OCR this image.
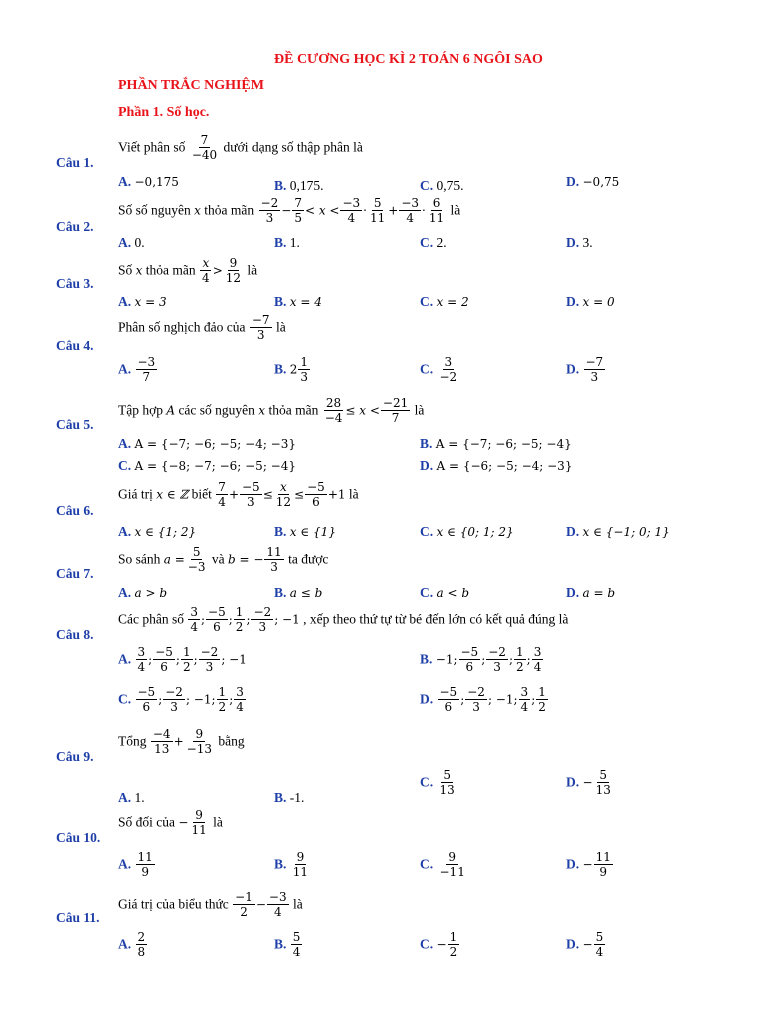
ĐỀ CƯƠNG HỌC KÌ 2 TOÁN 6 NGÔI SAO
PHẦN TRẮC NGHIỆM
Phần 1. Số học.
Câu 1.
Viết phân số $\frac{7}{-40}$ dưới dạng số thập phân là
A. −0,175	B. 0,175.	C. 0,75.	D. −0,75
Câu 2.
Số số nguyên x thỏa mãn $\frac{-2}{3} - \frac{7}{5} < x < \frac{-3}{4} \cdot \frac{5}{11} + \frac{-3}{4} \cdot \frac{6}{11}$ là
A. 0.	B. 1.	C. 2.	D. 3.
Câu 3.
Số x thỏa mãn $\frac{x}{4} > \frac{9}{12}$ là
A. x = 3	B. x = 4	C. x = 2	D. x = 0
Câu 4.
Phân số nghịch đảo của $\frac{-7}{3}$ là
A. $\frac{-3}{7}$	B. $2 \frac{1}{3}$	C. $\frac{3}{-2}$	D. $\frac{-7}{3}$
Câu 5.
Tập hợp A các số nguyên x thỏa mãn $\frac{28}{-4} \le x < \frac{-21}{7}$ là
A. A = {−7; −6; −5; −4; −3}	B. A = {−7; −6; −5; −4}
C. A = {−8; −7; −6; −5; −4}	D. A = {−6; −5; −4; −3}
Câu 6.
Giá trị x ∈ ℤ biết $\frac{7}{4} + \frac{-5}{3} \le \frac{x}{12} \le \frac{-5}{6} +1$ là
A. x ∈ {1; 2}	B. x ∈ {1}	C. x ∈ {0; 1; 2}	D. x ∈ {−1; 0; 1}
Câu 7.
So sánh $a = \frac{5}{-3}$ và b = − $\frac{11}{3}$ ta được
A. a > b	B. a ≤ b	C. a < b	D. a = b
Câu 8.
Các phân số $\frac{3}{4}$ ; $\frac{-5}{6}$ ; $\frac{1}{2}$ ; $\frac{-2}{3}$ ; −1 , xếp theo thứ tự từ bé đến lớn có kết quả đúng là
A. $\frac{3}{4}$ ; $\frac{-5}{6}$ ; $\frac{1}{2}$ ; $\frac{-2}{3}$ ; −1	B. −1; $\frac{-5}{6}$ ; $\frac{-2}{3}$ ; $\frac{1}{2}$ ; $\frac{3}{4}$
C. $\frac{-5}{6}$ ; $\frac{-2}{3}$ ; −1; $\frac{1}{2}$ ; $\frac{3}{4}$	D. $\frac{-5}{6}$ ; $\frac{-2}{3}$ ; −1; $\frac{3}{4}$ ; $\frac{1}{2}$
Câu 9.
Tổng $\frac{-4}{13} + \frac{9}{-13}$ bằng
A. 1.	B. -1.
C. $\frac{5}{13}$	D. − $\frac{5}{13}$
Câu 10.
Số đối của − $\frac{9}{11}$ là
A. $\frac{11}{9}$	B. $\frac{9}{11}$	C. $\frac{9}{-11}$	D. − $\frac{11}{9}$
Câu 11.
Giá trị của biểu thức $\frac{-1}{2} - \frac{-3}{4}$ là
A. $\frac{2}{8}$	B. $\frac{5}{4}$	C. − $\frac{1}{2}$	D. − $\frac{5}{4}$
